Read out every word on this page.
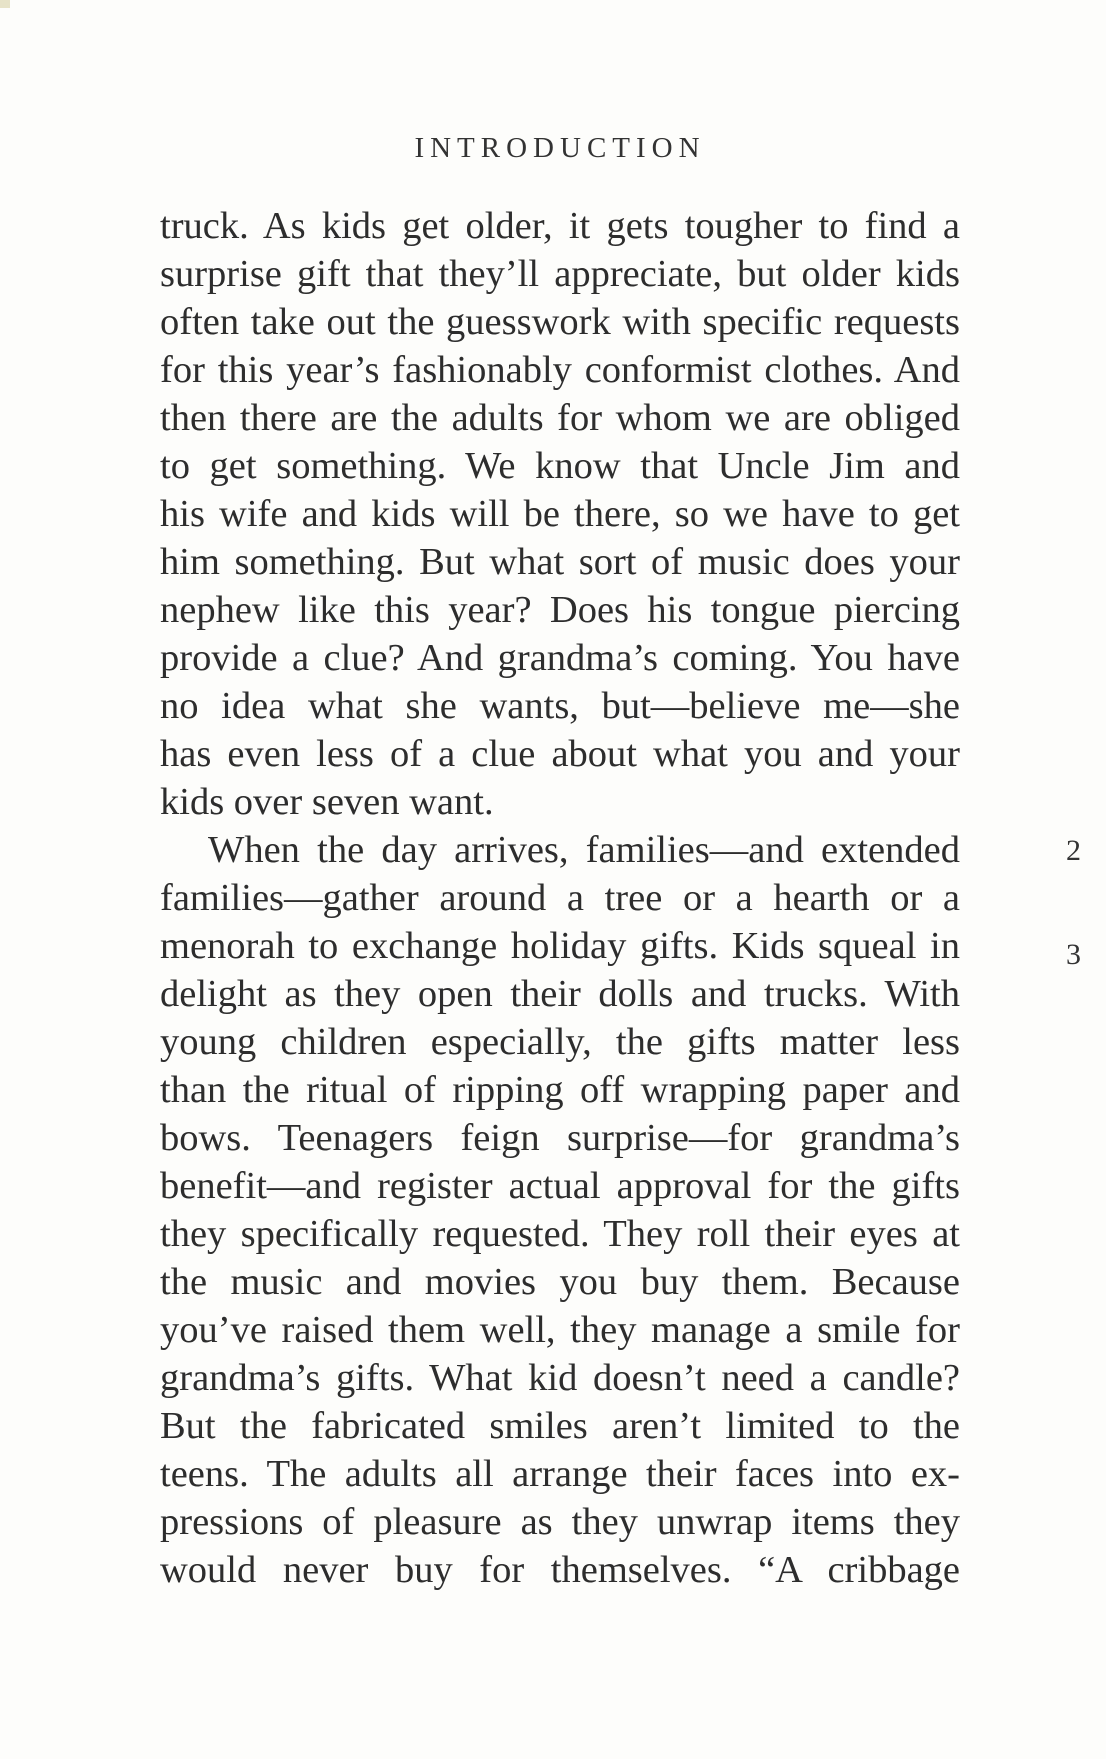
INTRODUCTION
truck. As kids get older, it gets tougher to find a
surprise gift that they’ll appreciate, but older kids
often take out the guesswork with specific requests
for this year’s fashionably conformist clothes. And
then there are the adults for whom we are obliged
to get something. We know that Uncle Jim and
his wife and kids will be there, so we have to get
him something. But what sort of music does your
nephew like this year? Does his tongue piercing
provide a clue? And grandma’s coming. You have
no idea what she wants, but—believe me—she
has even less of a clue about what you and your
kids over seven want.
When the day arrives, families—and extended
families—gather around a tree or a hearth or a
menorah to exchange holiday gifts. Kids squeal in
delight as they open their dolls and trucks. With
young children especially, the gifts matter less
than the ritual of ripping off wrapping paper and
bows. Teenagers feign surprise—for grandma’s
benefit—and register actual approval for the gifts
they specifically requested. They roll their eyes at
the music and movies you buy them. Because
you’ve raised them well, they manage a smile for
grandma’s gifts. What kid doesn’t need a candle?
But the fabricated smiles aren’t limited to the
teens. The adults all arrange their faces into ex-
pressions of pleasure as they unwrap items they
would never buy for themselves. “A cribbage
2
3
